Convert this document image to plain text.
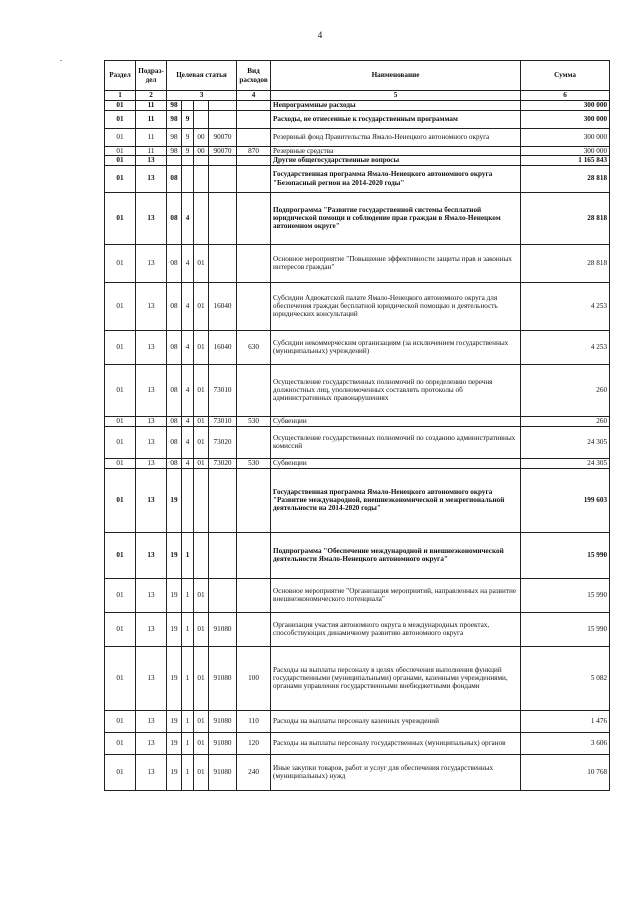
4
.
Раздел	Подраз- дел	Целевая статья				Вид расходов	Наименование	Сумма
1	2	3				4	5	6
01	11	98					Непрограммные расходы	300 000
01	11	98	9				Расходы, не отнесенные к государственным программам	300 000
01	11	98	9	00	90070		Резервный фонд Правительства Ямало-Ненецкого автономного округа	300 000
01	11	98	9	00	90070	870	Резервные средства	300 000
01	13						Другие общегосударственные вопросы	1 165 843
01	13	08					Государственная программа Ямало-Ненецкого автономного округа "Безопасный регион на 2014-2020 годы"	28 818
01	13	08	4				Подпрограмма "Развитие государственной системы бесплатной юридической помощи и соблюдение прав граждан в Ямало-Ненецком автономном округе"	28 818
01	13	08	4	01			Основное мероприятие "Повышение эффективности защиты прав и законных интересов граждан"	28 818
01	13	08	4	01	16040		Субсидии Адвокатской палате Ямало-Ненецкого автономного округа для обеспечения граждан бесплатной юридической помощью и деятельность юридических консультаций	4 253
01	13	08	4	01	16040	630	Субсидии некоммерческим организациям (за исключением государственных (муниципальных) учреждений)	4 253
01	13	08	4	01	73010		Осуществление государственных полномочий по определению перечня должностных лиц, уполномоченных составлять протоколы об административных правонарушениях	260
01	13	08	4	01	73010	530	Субвенции	260
01	13	08	4	01	73020		Осуществление государственных полномочий по созданию административных комиссий	24 305
01	13	08	4	01	73020	530	Субвенции	24 305
01	13	19					Государственная программа Ямало-Ненецкого автономного округа "Развитие международной, внешнеэкономической и межрегиональной деятельности на 2014-2020 годы"	199 603
01	13	19	1				Подпрограмма "Обеспечение международной и внешнеэкономической деятельности Ямало-Ненецкого автономного округа"	15 990
01	13	19	1	01			Основное мероприятие "Организация мероприятий, направленных на развитие внешнеэкономического потенциала"	15 990
01	13	19	1	01	91080		Организация участия автономного округа в международных проектах, способствующих динамичному развитию автономного округа	15 990
01	13	19	1	01	91080	100	Расходы на выплаты персоналу в целях обеспечения выполнения функций государственными (муниципальными) органами, казенными учреждениями, органами управления государственными внебюджетными фондами	5 082
01	13	19	1	01	91080	110	Расходы на выплаты персоналу казенных учреждений	1 476
01	13	19	1	01	91080	120	Расходы на выплаты персоналу государственных (муниципальных) органов	3 606
01	13	19	1	01	91080	240	Иные закупки товаров, работ и услуг для обеспечения государственных (муниципальных) нужд	10 768
